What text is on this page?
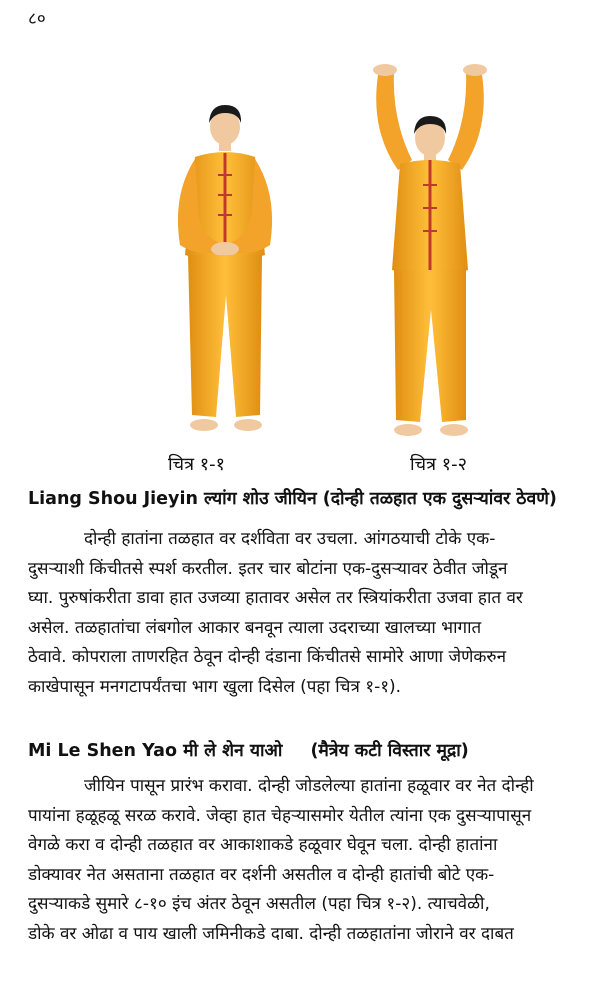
८०
चित्र १-१	चित्र १-२
Liang Shou Jieyin ल्यांग शोउ जीयिन (दोन्ही तळहात एक दुसऱ्यांवर ठेवणे)
दोन्ही हातांना तळहात वर दर्शविता वर उचला. आंगठयाची टोके एक-
दुसऱ्याशी किंचीतसे स्पर्श करतील. इतर चार बोटांना एक-दुसऱ्यावर ठेवीत जोडून
घ्या. पुरुषांकरीता डावा हात उजव्या हातावर असेल तर स्त्रियांकरीता उजवा हात वर
असेल. तळहातांचा लंबगोल आकार बनवून त्याला उदराच्या खालच्या भागात
ठेवावे. कोपराला ताणरहित ठेवून दोन्ही दंडाना किंचीतसे सामोरे आणा जेणेकरुन
काखेपासून मनगटापर्यंतचा भाग खुला दिसेल (पहा चित्र १-१).
Mi Le Shen Yao मी ले शेन याओ (मैत्रेय कटी विस्तार मूद्रा)
जीयिन पासून प्रारंभ करावा. दोन्ही जोडलेल्या हातांना हळूवार वर नेत दोन्ही
पायांना हळूहळू सरळ करावे. जेव्हा हात चेहऱ्यासमोर येतील त्यांना एक दुसऱ्यापासून
वेगळे करा व दोन्ही तळहात वर आकाशाकडे हळूवार घेवून चला. दोन्ही हातांना
डोक्यावर नेत असताना तळहात वर दर्शनी असतील व दोन्ही हातांची बोटे एक-
दुसऱ्याकडे सुमारे ८-१० इंच अंतर ठेवून असतील (पहा चित्र १-२). त्याचवेळी,
डोके वर ओढा व पाय खाली जमिनीकडे दाबा. दोन्ही तळहातांना जोराने वर दाबत
